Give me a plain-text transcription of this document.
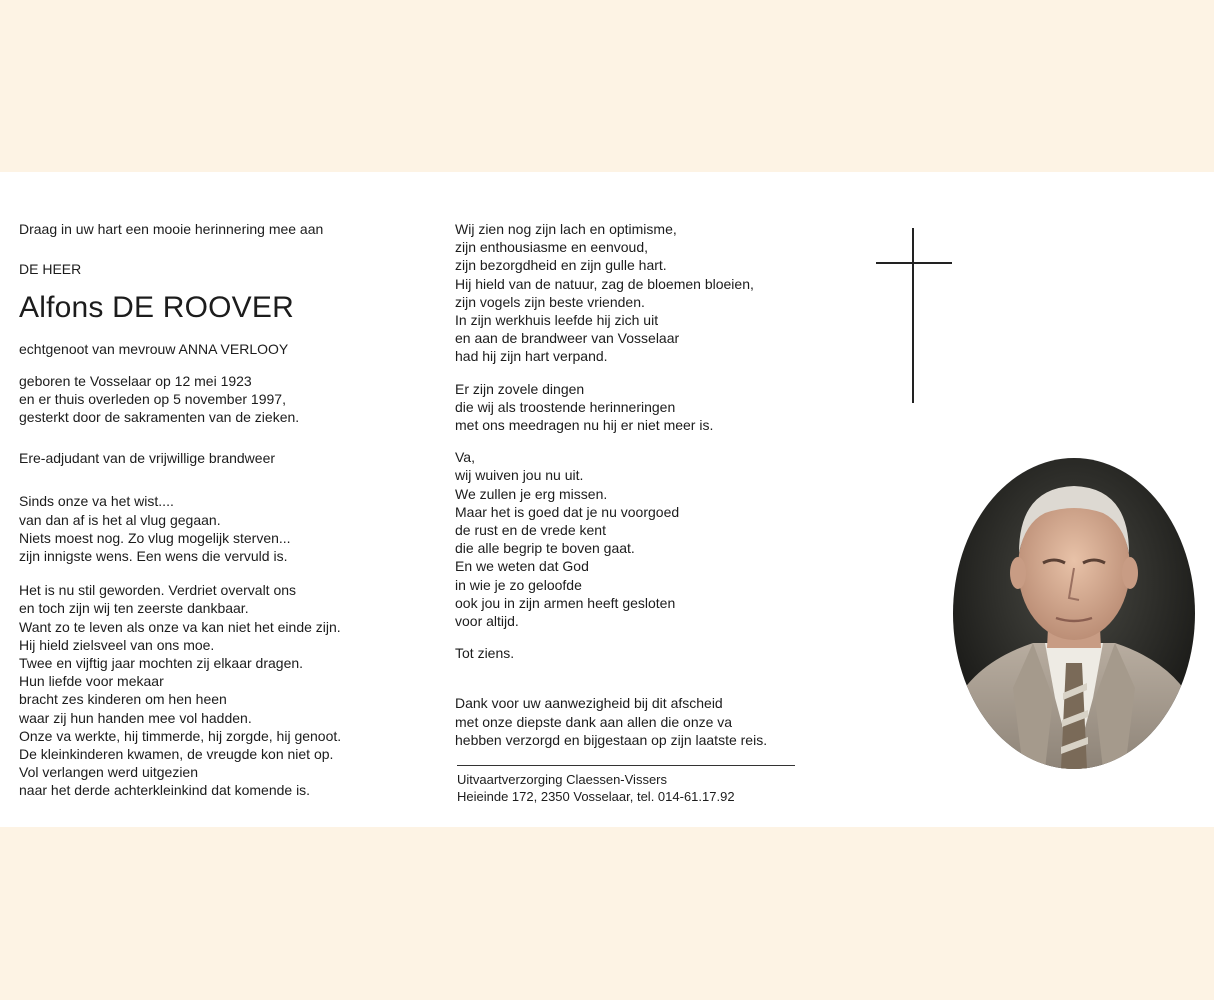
Draag in uw hart een mooie herinnering mee aan

DE HEER

Alfons DE ROOVER

echtgenoot van mevrouw ANNA VERLOOY

geboren te Vosselaar op 12 mei 1923
en er thuis overleden op 5 november 1997,
gesterkt door de sakramenten van de zieken.

Ere-adjudant van de vrijwillige brandweer

Sinds onze va het wist....
van dan af is het al vlug gegaan.
Niets moest nog. Zo vlug mogelijk sterven...
zijn innigste wens. Een wens die vervuld is.
Het is nu stil geworden. Verdriet overvalt ons
en toch zijn wij ten zeerste dankbaar.
Want zo te leven als onze va kan niet het einde zijn.
Hij hield zielsveel van ons moe.
Twee en vijftig jaar mochten zij elkaar dragen.
Hun liefde voor mekaar
bracht zes kinderen om hen heen
waar zij hun handen mee vol hadden.
Onze va werkte, hij timmerde, hij zorgde, hij genoot.
De kleinkinderen kwamen, de vreugde kon niet op.
Vol verlangen werd uitgezien
naar het derde achterkleinkind dat komende is.
Wij zien nog zijn lach en optimisme,
zijn enthousiasme en eenvoud,
zijn bezorgdheid en zijn gulle hart.
Hij hield van de natuur, zag de bloemen bloeien,
zijn vogels zijn beste vrienden.
In zijn werkhuis leefde hij zich uit
en aan de brandweer van Vosselaar
had hij zijn hart verpand.
Er zijn zovele dingen
die wij als troostende herinneringen
met ons meedragen nu hij er niet meer is.
Va,
wij wuiven jou nu uit.
We zullen je erg missen.
Maar het is goed dat je nu voorgoed
de rust en de vrede kent
die alle begrip te boven gaat.
En we weten dat God
in wie je zo geloofde
ook jou in zijn armen heeft gesloten
voor altijd.

Tot ziens.

Dank voor uw aanwezigheid bij dit afscheid
met onze diepste dank aan allen die onze va
hebben verzorgd en bijgestaan op zijn laatste reis.
Uitvaartverzorging Claessen-Vissers
Heieinde 172, 2350 Vosselaar, tel. 014-61.17.92
